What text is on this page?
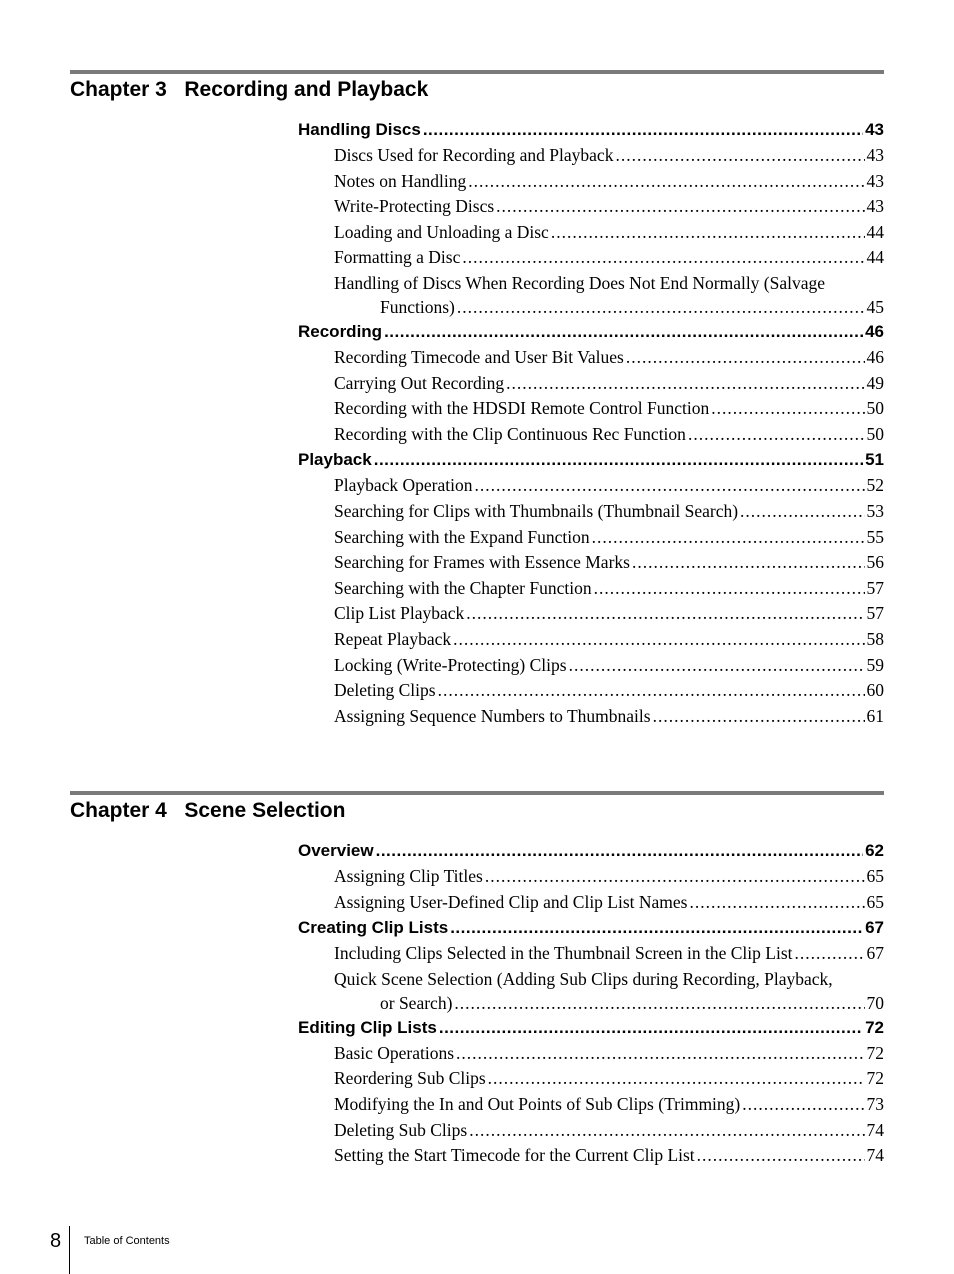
Chapter 3   Recording and Playback
Handling Discs .....	43
Discs Used for Recording and Playback .....	43
Notes on Handling .....	43
Write-Protecting Discs .....	43
Loading and Unloading a Disc .....	44
Formatting a Disc .....	44
Handling of Discs When Recording Does Not End Normally (Salvage
Functions) .....	45
Recording .....	46
Recording Timecode and User Bit Values .....	46
Carrying Out Recording .....	49
Recording with the HDSDI Remote Control Function .....	50
Recording with the Clip Continuous Rec Function .....	50
Playback .....	51
Playback Operation .....	52
Searching for Clips with Thumbnails (Thumbnail Search) .....	53
Searching with the Expand Function .....	55
Searching for Frames with Essence Marks .....	56
Searching with the Chapter Function .....	57
Clip List Playback .....	57
Repeat Playback .....	58
Locking (Write-Protecting) Clips .....	59
Deleting Clips .....	60
Assigning Sequence Numbers to Thumbnails .....	61
Chapter 4   Scene Selection
Overview .....	62
Assigning Clip Titles .....	65
Assigning User-Defined Clip and Clip List Names .....	65
Creating Clip Lists .....	67
Including Clips Selected in the Thumbnail Screen in the Clip List .....	67
Quick Scene Selection (Adding Sub Clips during Recording, Playback,
or Search) .....	70
Editing Clip Lists .....	72
Basic Operations .....	72
Reordering Sub Clips .....	72
Modifying the In and Out Points of Sub Clips (Trimming) .....	73
Deleting Sub Clips .....	74
Setting the Start Timecode for the Current Clip List .....	74
8 Table of Contents
